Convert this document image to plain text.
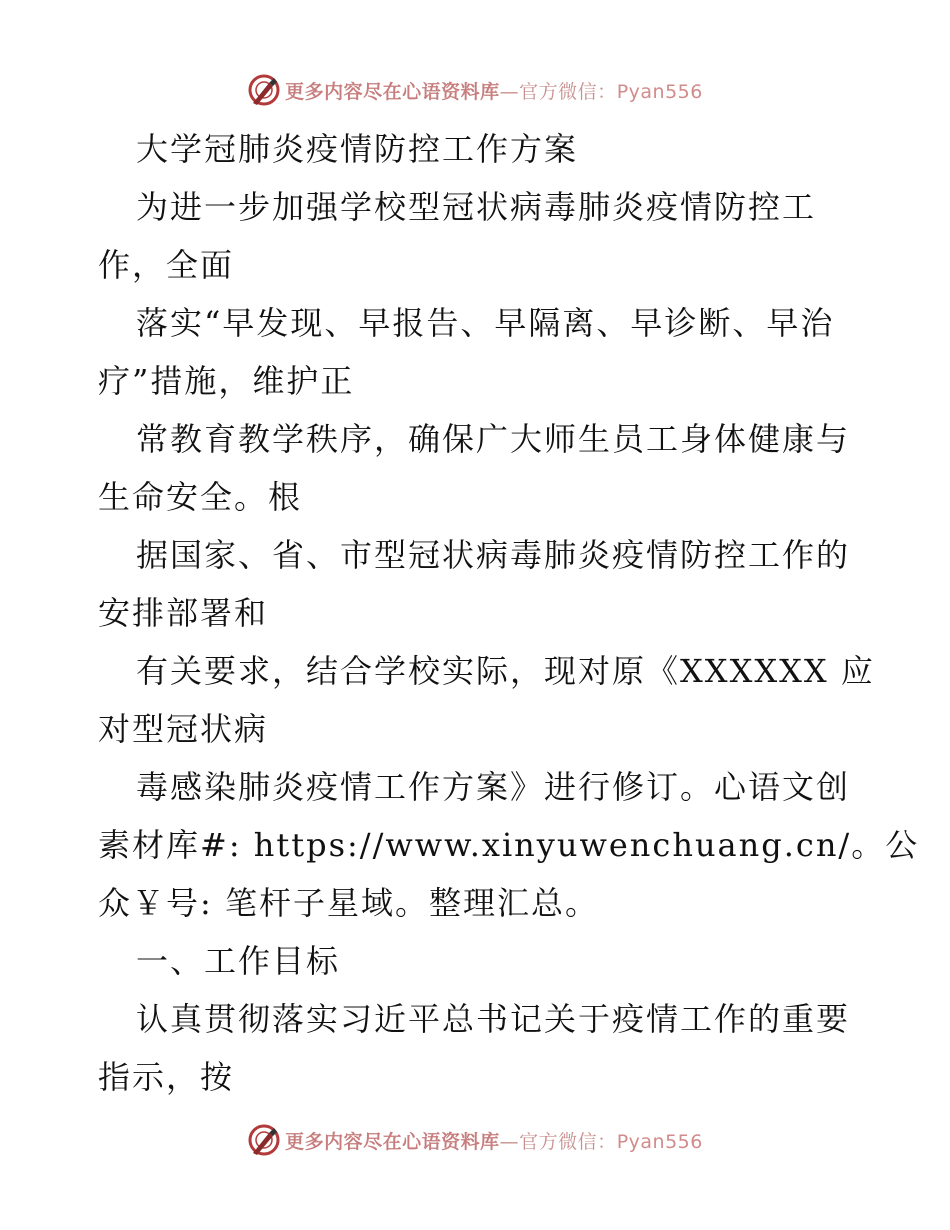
更多内容尽在心语资料库—官方微信：Pyan556
大学冠肺炎疫情防控工作方案
为进一步加强学校型冠状病毒肺炎疫情防控工
作，全面
落实“早发现、早报告、早隔离、早诊断、早治
疗”措施，维护正
常教育教学秩序，确保广大师生员工身体健康与
生命安全。根
据国家、省、市型冠状病毒肺炎疫情防控工作的
安排部署和
有关要求，结合学校实际，现对原《XXXXXX 应
对型冠状病
毒感染肺炎疫情工作方案》进行修订。心语文创
素材库#: https://www.xinyuwenchuang.cn/。公
众￥号: 笔杆子星域。整理汇总。
一、工作目标
认真贯彻落实习近平总书记关于疫情工作的重要
指示，按
更多内容尽在心语资料库—官方微信：Pyan556
